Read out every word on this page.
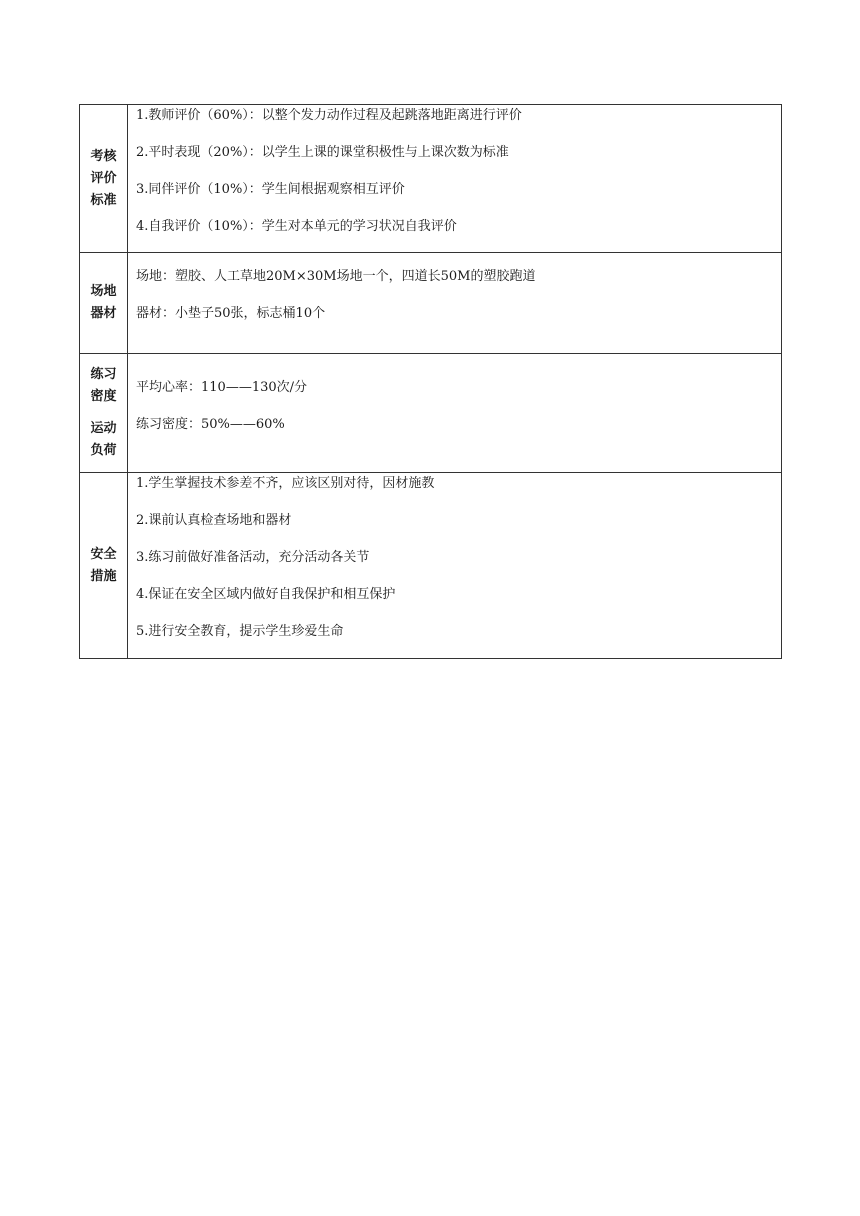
考核
评价
标准	1.教师评价（60%）：以整个发力动作过程及起跳落地距离进行评价
2.平时表现（20%）：以学生上课的课堂积极性与上课次数为标准
3.同伴评价（10%）：学生间根据观察相互评价
4.自我评价（10%）：学生对本单元的学习状况自我评价

场地
器材	场地：塑胶、人工草地20M×30M场地一个，四道长50M的塑胶跑道
器材：小垫子50张，标志桶10个

练习
密度
运动
负荷	平均心率：110——130次/分
练习密度：50%——60%

安全
措施	1.学生掌握技术参差不齐，应该区别对待，因材施教
2.课前认真检查场地和器材
3.练习前做好准备活动，充分活动各关节
4.保证在安全区域内做好自我保护和相互保护
5.进行安全教育，提示学生珍爱生命
